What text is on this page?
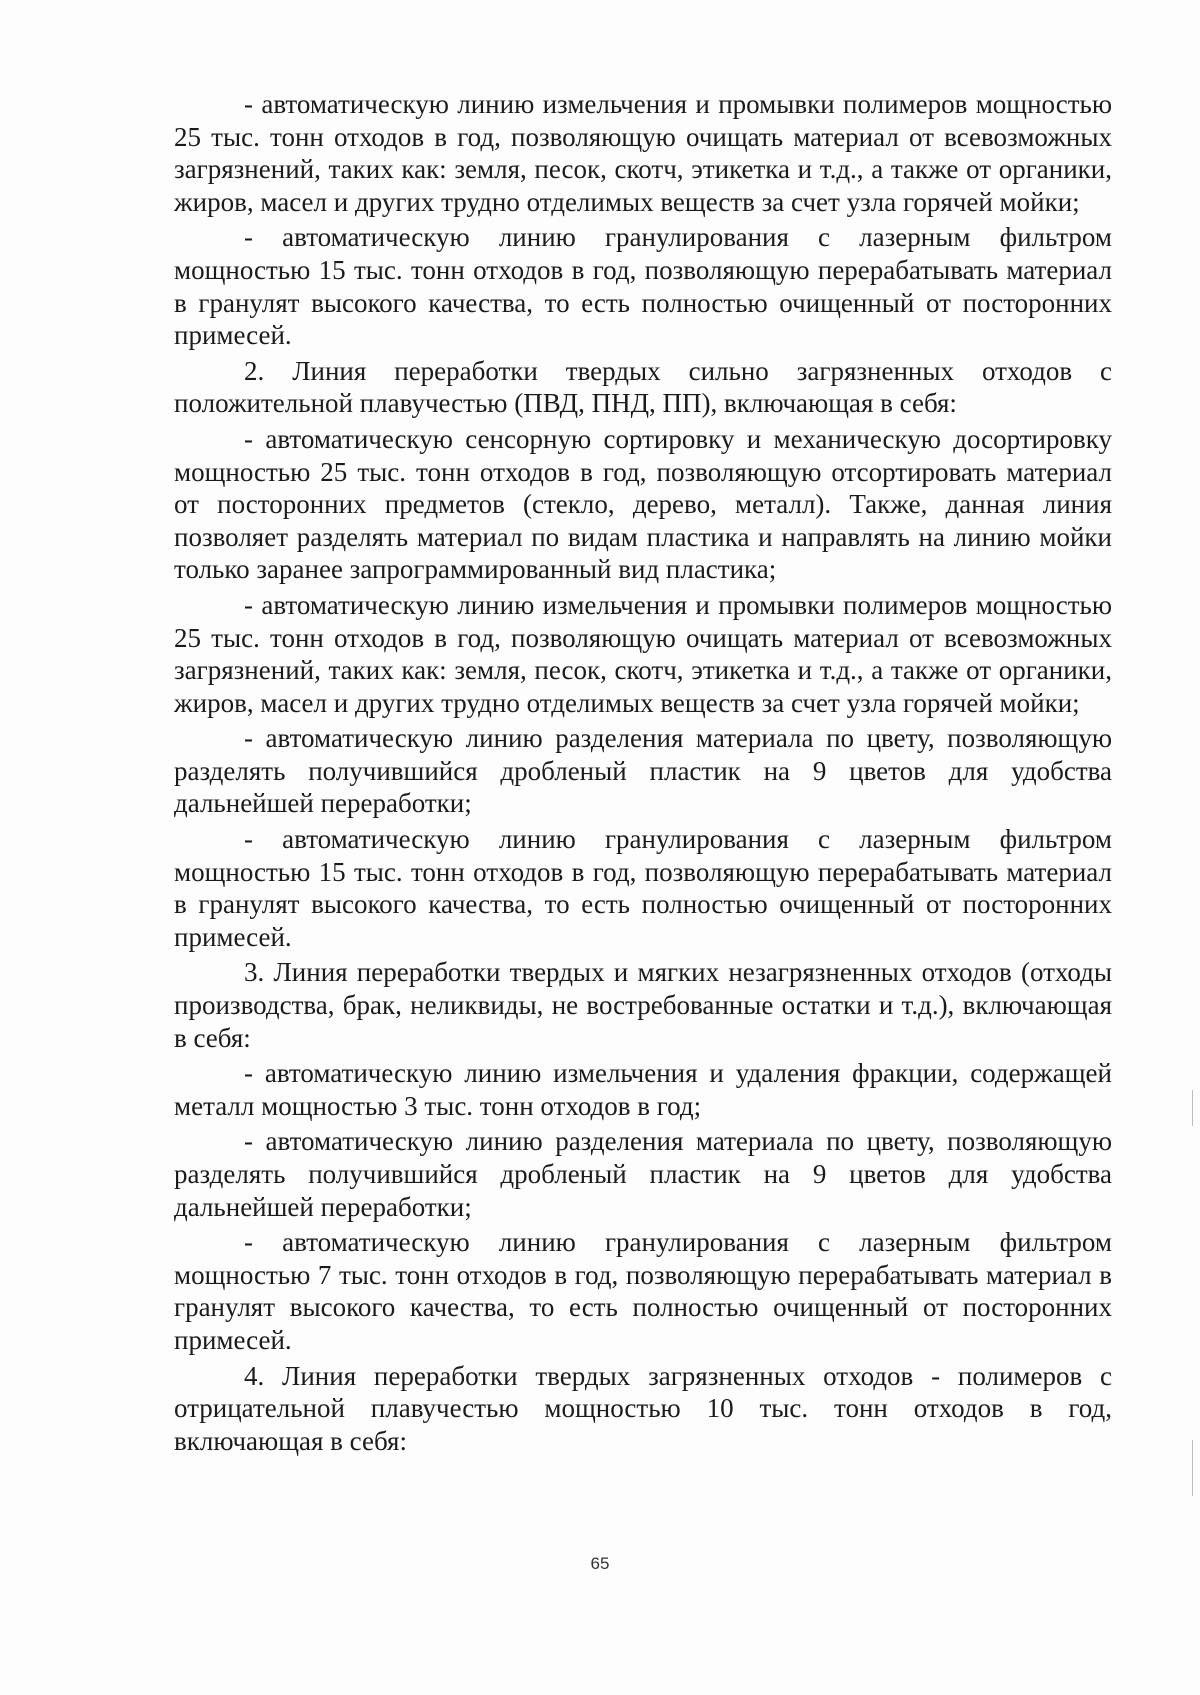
- автоматическую линию измельчения и промывки полимеров мощностью 25 тыс. тонн отходов в год, позволяющую очищать материал от всевозможных загрязнений, таких как: земля, песок, скотч, этикетка и т.д., а также от органики, жиров, масел и других трудно отделимых веществ за счет узла горячей мойки;

- автоматическую линию гранулирования с лазерным фильтром мощностью 15 тыс. тонн отходов в год, позволяющую перерабатывать материал в гранулят высокого качества, то есть полностью очищенный от посторонних примесей.

2. Линия переработки твердых сильно загрязненных отходов с положительной плавучестью (ПВД, ПНД, ПП), включающая в себя:

- автоматическую сенсорную сортировку и механическую досортировку мощностью 25 тыс. тонн отходов в год, позволяющую отсортировать материал от посторонних предметов (стекло, дерево, металл). Также, данная линия позволяет разделять материал по видам пластика и направлять на линию мойки только заранее запрограммированный вид пластика;

- автоматическую линию измельчения и промывки полимеров мощностью 25 тыс. тонн отходов в год, позволяющую очищать материал от всевозможных загрязнений, таких как: земля, песок, скотч, этикетка и т.д., а также от органики, жиров, масел и других трудно отделимых веществ за счет узла горячей мойки;

- автоматическую линию разделения материала по цвету, позволяющую разделять получившийся дробленый пластик на 9 цветов для удобства дальнейшей переработки;

- автоматическую линию гранулирования с лазерным фильтром мощностью 15 тыс. тонн отходов в год, позволяющую перерабатывать материал в гранулят высокого качества, то есть полностью очищенный от посторонних примесей.

3. Линия переработки твердых и мягких незагрязненных отходов (отходы производства, брак, неликвиды, не востребованные остатки и т.д.), включающая в себя:

- автоматическую линию измельчения и удаления фракции, содержащей металл мощностью 3 тыс. тонн отходов в год;

- автоматическую линию разделения материала по цвету, позволяющую разделять получившийся дробленый пластик на 9 цветов для удобства дальнейшей переработки;

- автоматическую линию гранулирования с лазерным фильтром мощностью 7 тыс. тонн отходов в год, позволяющую перерабатывать материал в гранулят высокого качества, то есть полностью очищенный от посторонних примесей.

4. Линия переработки твердых загрязненных отходов - полимеров с отрицательной плавучестью мощностью 10 тыс. тонн отходов в год, включающая в себя:

65
